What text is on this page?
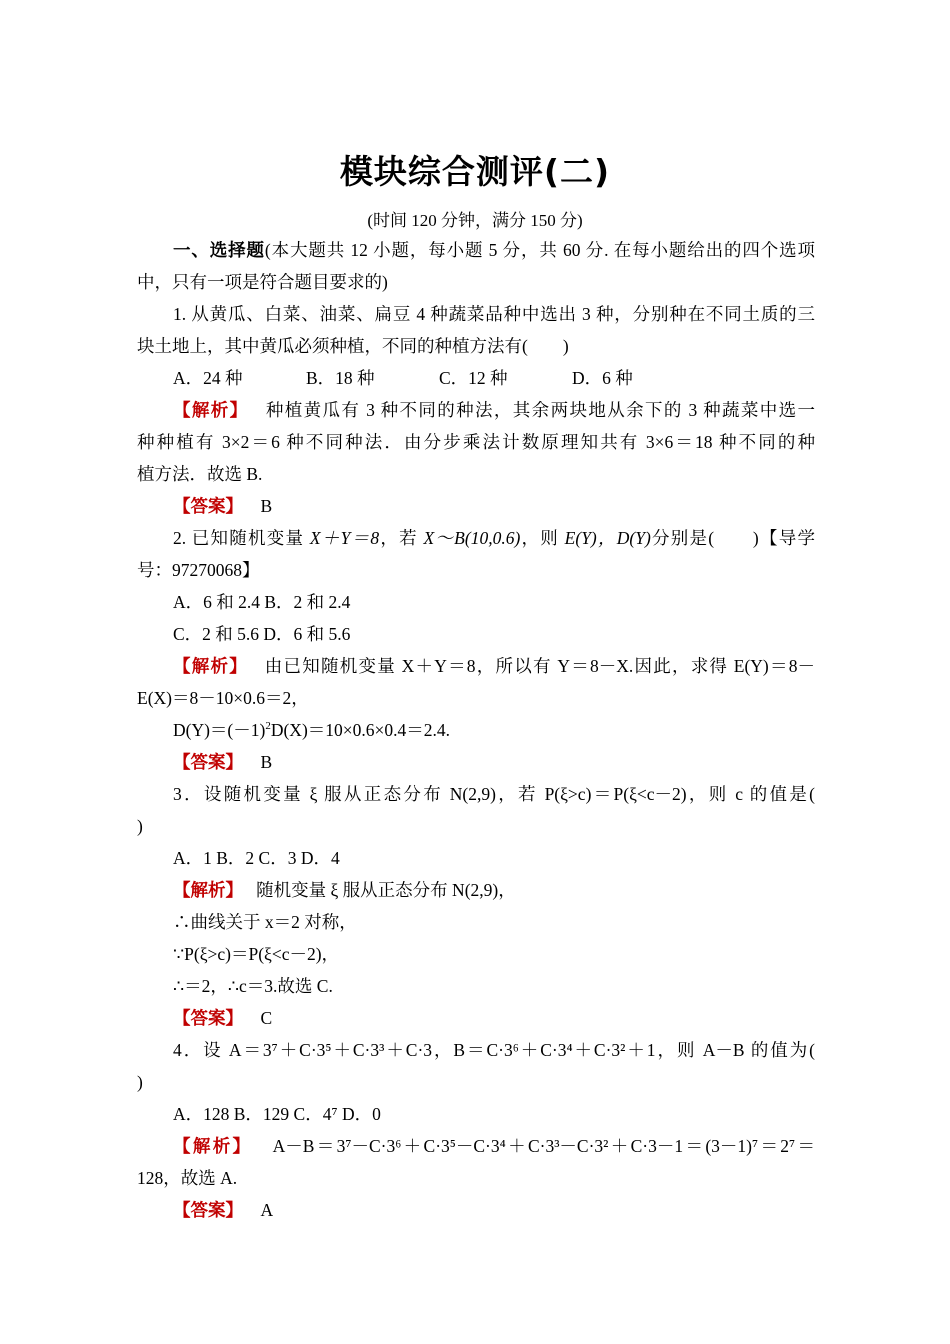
模块综合测评(二)
(时间 120 分钟，满分 150 分)
一、选择题(本大题共 12 小题，每小题 5 分，共 60 分. 在每小题给出的四个选项
中，只有一项是符合题目要求的)
1. 从黄瓜、白菜、油菜、扁豆 4 种蔬菜品种中选出 3 种，分别种在不同土质的三
块土地上，其中黄瓜必须种植，不同的种植方法有(　　)
A．24 种	B．18 种	C．12 种	D．6 种
【解析】 种植黄瓜有 3 种不同的种法，其余两块地从余下的 3 种蔬菜中选一
种种植有 3×2＝6 种不同种法．由分步乘法计数原理知共有 3×6＝18 种不同的种
植方法．故选 B.
【答案】 B
2. 已知随机变量 X＋Y＝8，若 X～B(10,0.6)，则 E(Y)，D(Y)分别是(　　)【导学
号：97270068】
A．6 和 2.4 B．2 和 2.4
C．2 和 5.6 D．6 和 5.6
【解析】 由已知随机变量 X＋Y＝8，所以有 Y＝8－X.因此，求得 E(Y)＝8－
E(X)＝8－10×0.6＝2，
$D(Y)=(-1)^2D(X)=10\times 0.6\times 0.4=2.4$.
【答案】 B
3．设随机变量 ξ 服从正态分布 N(2,9)，若 P(ξ>c)＝P(ξ<c－2)，则 c 的值是(
)
A．1 B．2 C．3 D．4
【解析】 随机变量 ξ 服从正态分布 N(2,9)，
∴曲线关于 x＝2 对称，
∵P(ξ>c)＝P(ξ<c－2)，
∴＝2，∴c＝3.故选 C.
【答案】 C
4．设 A＝3⁷＋C·3⁵＋C·3³＋C·3，B＝C·3⁶＋C·3⁴＋C·3²＋1，则 A－B 的值为(
)
A．128 B．129 C．4⁷ D．0
【解析】 A－B＝3⁷－C·3⁶＋C·3⁵－C·3⁴＋C·3³－C·3²＋C·3－1＝(3－1)⁷＝2⁷＝
128，故选 A.
【答案】 A
